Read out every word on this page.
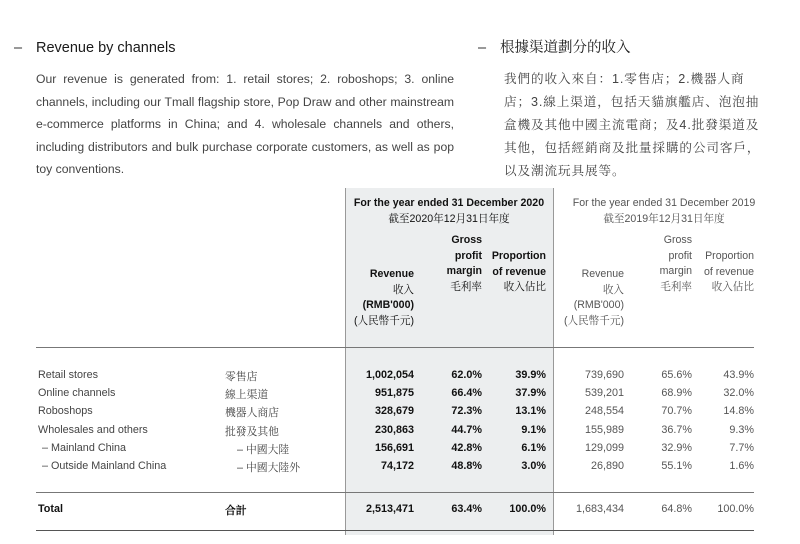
– Revenue by channels
Our revenue is generated from: 1. retail stores; 2. roboshops; 3. online channels, including our Tmall flagship store, Pop Draw and other mainstream e-commerce platforms in China; and 4. wholesale channels and others, including distributors and bulk purchase corporate customers, as well as pop toy conventions.
– 根據渠道劃分的收入
我們的收入來自：1.零售店；2.機器人商店；3.線上渠道，包括天貓旗艦店、泡泡抽盒機及其他中國主流電商；及4.批發渠道及其他，包括經銷商及批量採購的公司客戶，以及潮流玩具展等。
For the year ended 31 December 2020
截至2020年12月31日年度
For the year ended 31 December 2019
截至2019年12月31日年度
Revenue
收入
(RMB'000)
(人民幣千元)
Gross
profit
margin
毛利率
Proportion
of revenue
收入佔比
Revenue
收入
(RMB'000)
(人民幣千元)
Gross
profit
margin
毛利率
Proportion
of revenue
收入佔比
Retail stores	零售店	1,002,054	62.0%	39.9%	739,690	65.6%	43.9%
Online channels	線上渠道	951,875	66.4%	37.9%	539,201	68.9%	32.0%
Roboshops	機器人商店	328,679	72.3%	13.1%	248,554	70.7%	14.8%
Wholesales and others	批發及其他	230,863	44.7%	9.1%	155,989	36.7%	9.3%
– Mainland China	– 中國大陸	156,691	42.8%	6.1%	129,099	32.9%	7.7%
– Outside Mainland China	– 中國大陸外	74,172	48.8%	3.0%	26,890	55.1%	1.6%
Total	合計	2,513,471	63.4%	100.0%	1,683,434	64.8%	100.0%
